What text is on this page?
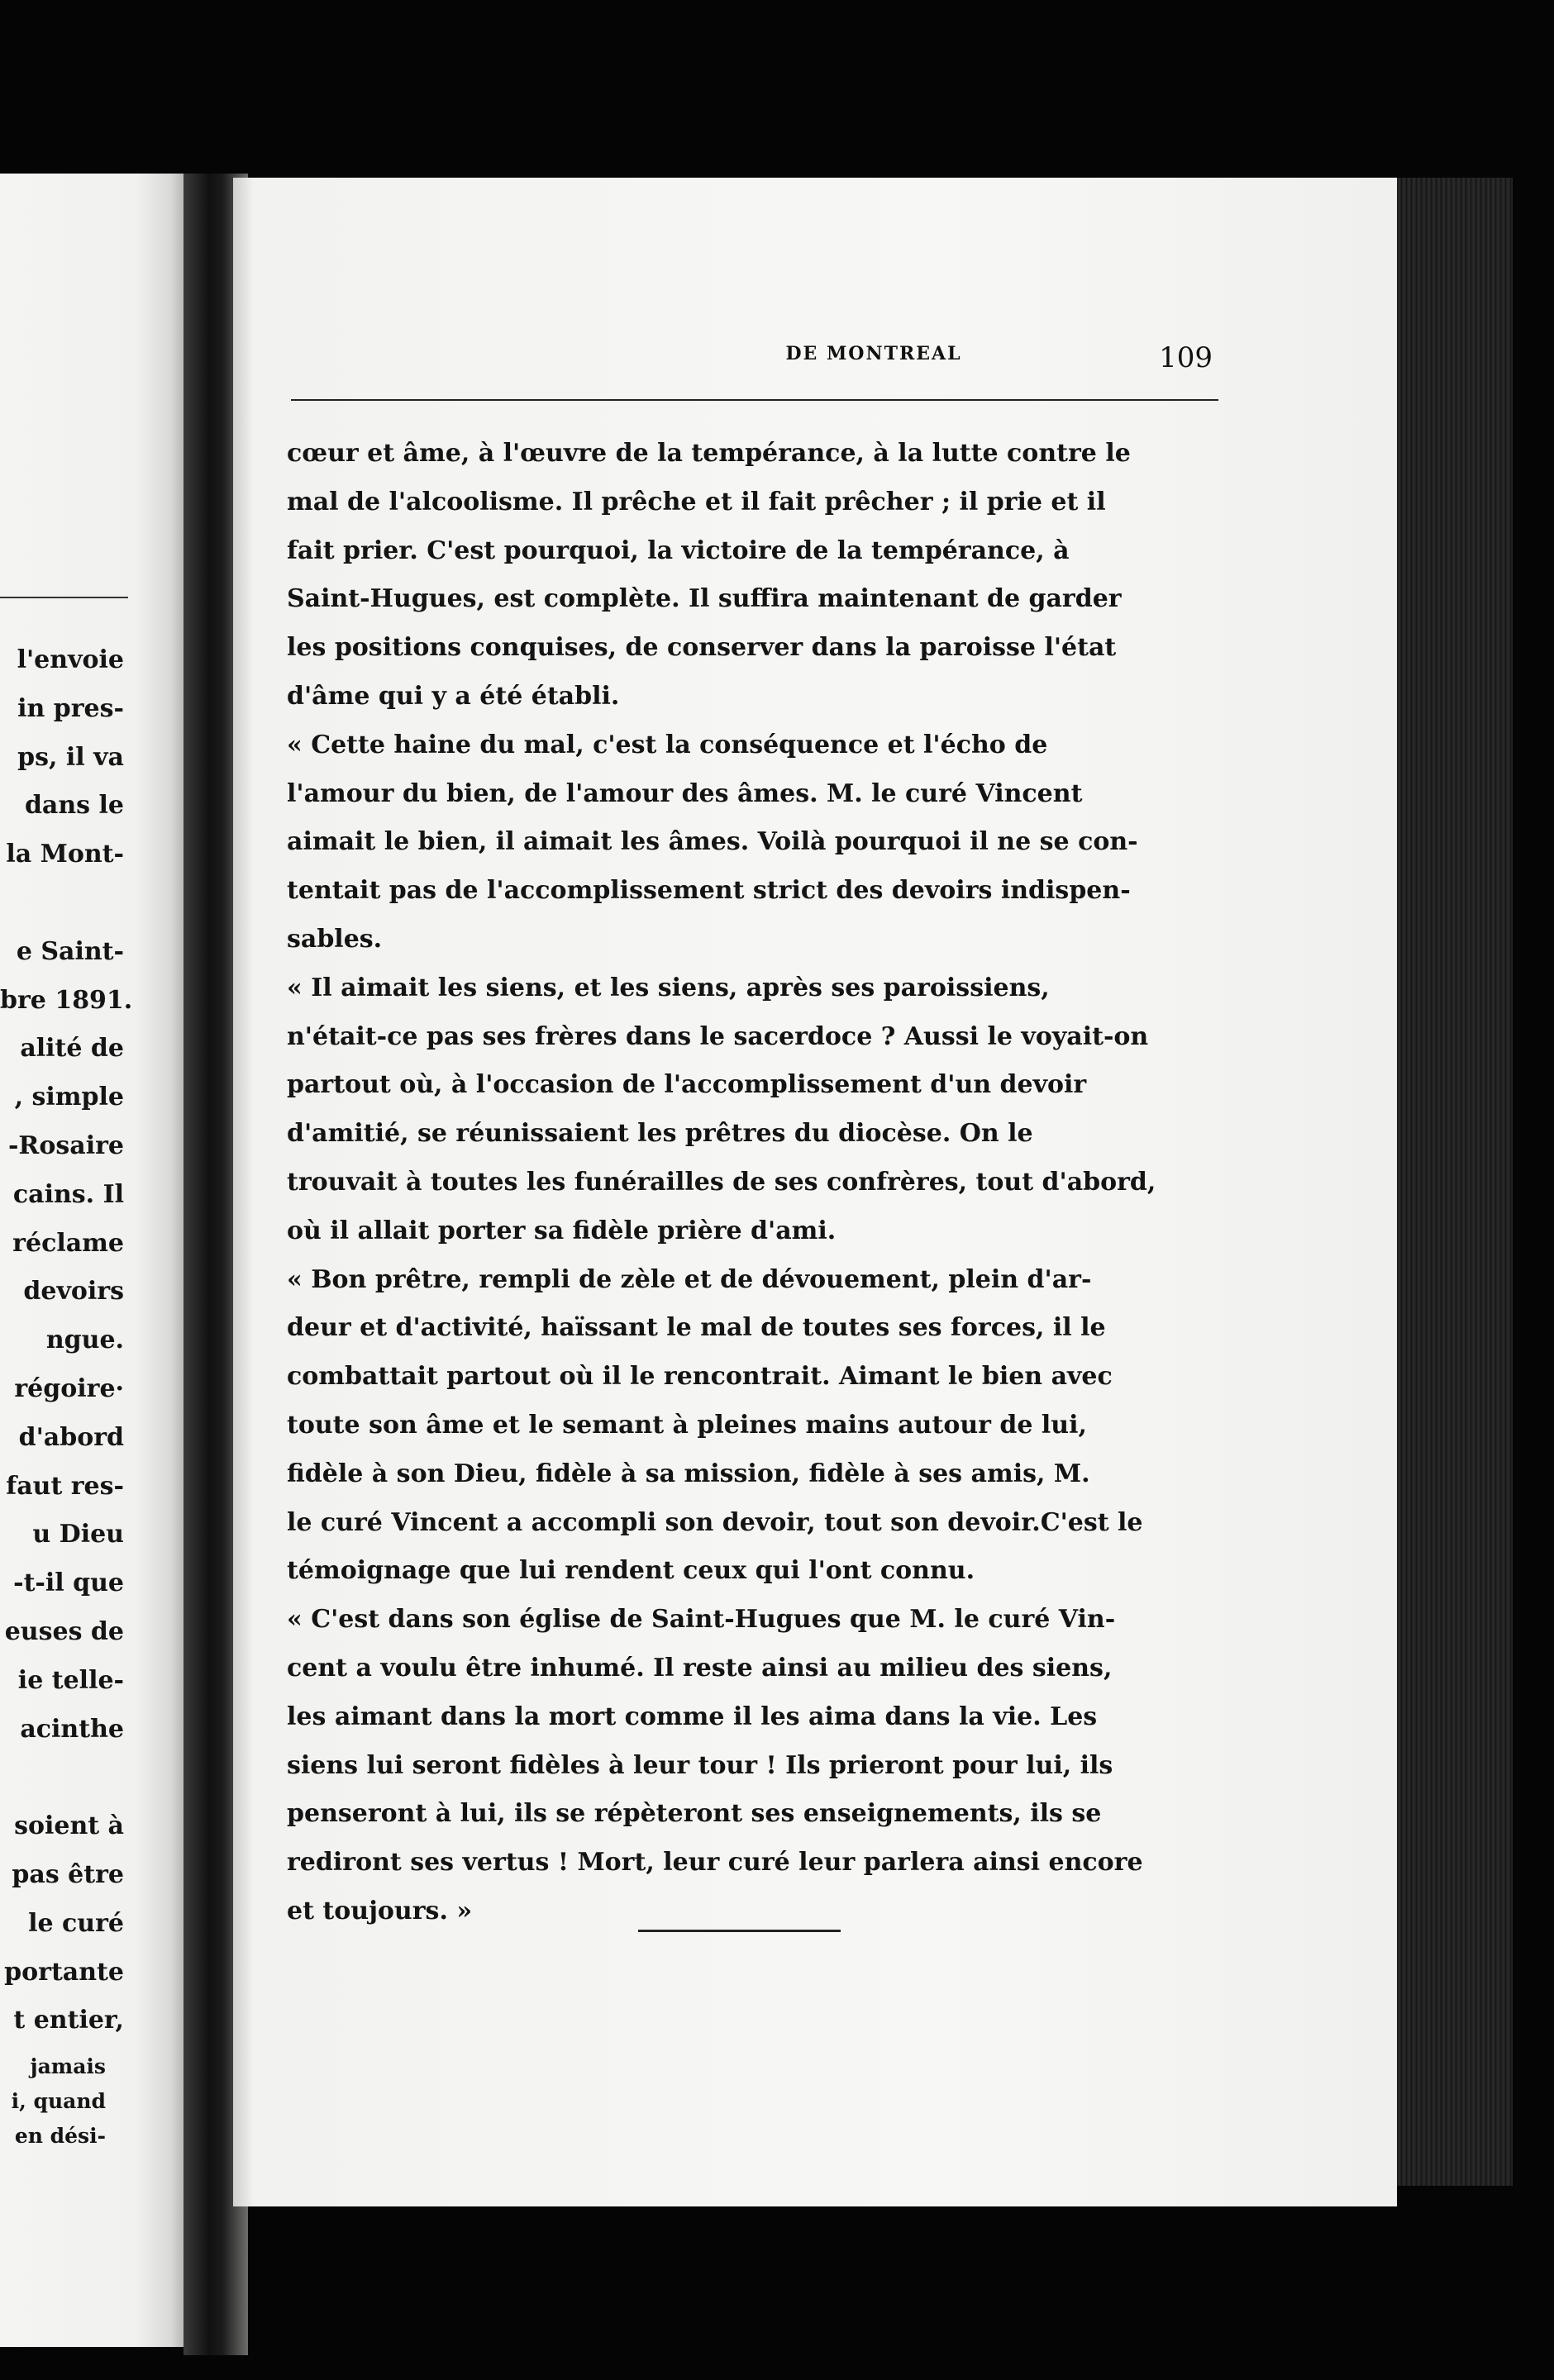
l'envoie
in pres-
ps, il va
dans le
la Mont-
e Saint-
bre 1891.
alité de
, simple
-Rosaire
cains. Il
réclame
devoirs
ngue.
régoire·
d'abord
faut res-
u Dieu
-t-il que
euses de
ie telle-
acinthe
soient à
pas être
le curé
portante
t entier,
jamais
i, quand
en dési-
DE MONTREAL	109
cœur et âme, à l'œuvre de la tempérance, à la lutte contre le
mal de l'alcoolisme. Il prêche et il fait prêcher ; il prie et il
fait prier. C'est pourquoi, la victoire de la tempérance, à
Saint-Hugues, est complète. Il suffira maintenant de garder
les positions conquises, de conserver dans la paroisse l'état
d'âme qui y a été établi.
« Cette haine du mal, c'est la conséquence et l'écho de
l'amour du bien, de l'amour des âmes. M. le curé Vincent
aimait le bien, il aimait les âmes. Voilà pourquoi il ne se con-
tentait pas de l'accomplissement strict des devoirs indispen-
sables.
« Il aimait les siens, et les siens, après ses paroissiens,
n'était-ce pas ses frères dans le sacerdoce ? Aussi le voyait-on
partout où, à l'occasion de l'accomplissement d'un devoir
d'amitié, se réunissaient les prêtres du diocèse. On le
trouvait à toutes les funérailles de ses confrères, tout d'abord,
où il allait porter sa fidèle prière d'ami.
« Bon prêtre, rempli de zèle et de dévouement, plein d'ar-
deur et d'activité, haïssant le mal de toutes ses forces, il le
combattait partout où il le rencontrait. Aimant le bien avec
toute son âme et le semant à pleines mains autour de lui,
fidèle à son Dieu, fidèle à sa mission, fidèle à ses amis, M.
le curé Vincent a accompli son devoir, tout son devoir.C'est le
témoignage que lui rendent ceux qui l'ont connu.
« C'est dans son église de Saint-Hugues que M. le curé Vin-
cent a voulu être inhumé. Il reste ainsi au milieu des siens,
les aimant dans la mort comme il les aima dans la vie. Les
siens lui seront fidèles à leur tour ! Ils prieront pour lui, ils
penseront à lui, ils se répèteront ses enseignements, ils se
rediront ses vertus ! Mort, leur curé leur parlera ainsi encore
et toujours. »
